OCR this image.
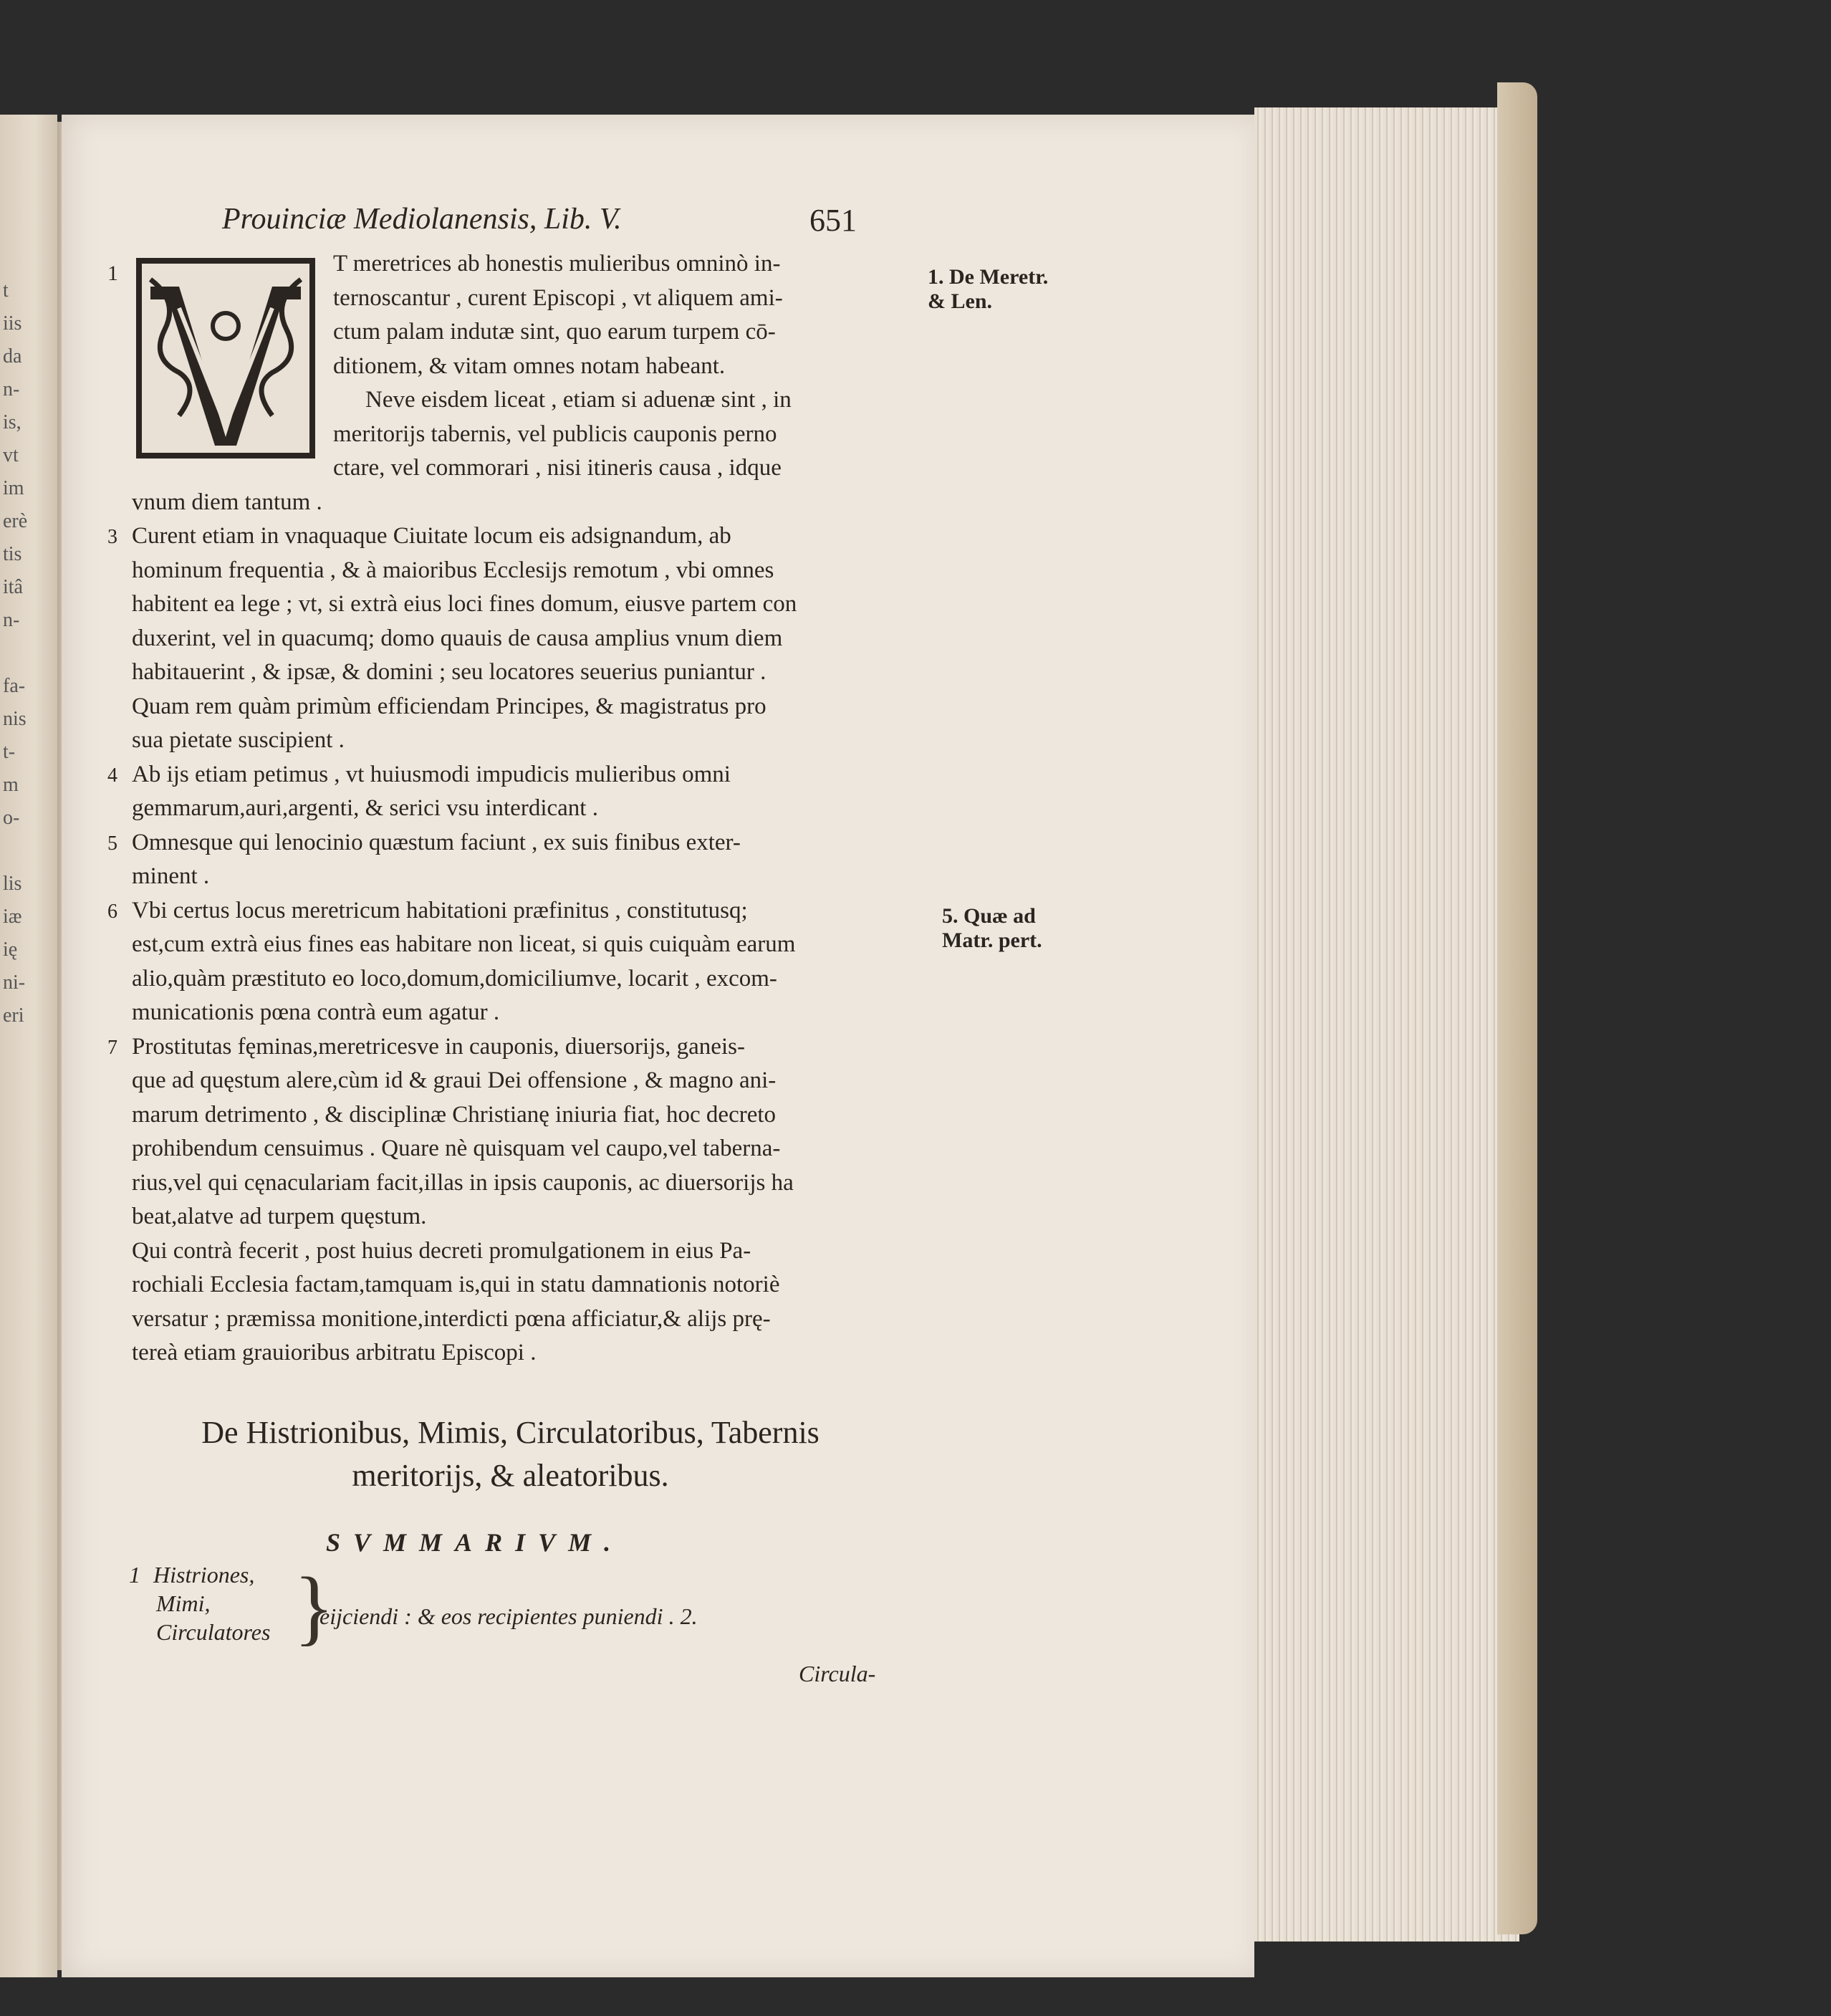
t
iis
da
n-
is,
vt
im
erè
tis
itâ
n-
fa-
nis
t-
m
o-
lis
iæ
ię
ni-
eri
Prouinciæ Mediolanensis, Lib. V.	651
1	T meretrices ab honestis mulieribus omninò in-
ternoscantur , curent Episcopi , vt aliquem ami-
ctum palam indutæ sint, quo earum turpem cō-
ditionem, & vitam omnes notam habeant.
Neve eisdem liceat , etiam si aduenæ sint , in
meritorijs tabernis, vel publicis cauponis perno
ctare, vel commorari , nisi itineris causa , idque
vnum diem tantum .
3 Curent etiam in vnaquaque Ciuitate locum eis adsignandum, ab
hominum frequentia , & à maioribus Ecclesijs remotum , vbi omnes
habitent ea lege ; vt, si extrà eius loci fines domum, eiusve partem con
duxerint, vel in quacumq; domo quauis de causa amplius vnum diem
habitauerint , & ipsæ, & domini ; seu locatores seuerius puniantur .
Quam rem quàm primùm efficiendam Principes, & magistratus pro
sua pietate suscipient .
4 Ab ijs etiam petimus , vt huiusmodi impudicis mulieribus omni
gemmarum,auri,argenti, & serici vsu interdicant .
5 Omnesque qui lenocinio quæstum faciunt , ex suis finibus exter-
minent .
6 Vbi certus locus meretricum habitationi præfinitus , constitutusq;
est,cum extrà eius fines eas habitare non liceat, si quis cuiquàm earum
alio,quàm præstituto eo loco,domum,domiciliumve, locarit , excom-
municationis pœna contrà eum agatur .
7 Prostitutas fęminas,meretricesve in cauponis, diuersorijs, ganeis-
que ad quęstum alere,cùm id & graui Dei offensione , & magno ani-
marum detrimento , & disciplinæ Christianę iniuria fiat, hoc decreto
prohibendum censuimus . Quare nè quisquam vel caupo,vel taberna-
rius,vel qui cęnaculariam facit,illas in ipsis cauponis, ac diuersorijs ha
beat,alatve ad turpem quęstum.
Qui contrà fecerit , post huius decreti promulgationem in eius Pa-
rochiali Ecclesia factam,tamquam is,qui in statu damnationis notoriè
versatur ; præmissa monitione,interdicti pœna afficiatur,& alijs prę-
tereà etiam grauioribus arbitratu Episcopi .
1. De Meretr. & Len.
5. Quæ ad Matr. pert.
De Histrionibus, Mimis, Circulatoribus, Tabernis
meritorijs, & aleatoribus.
SVMMARIVM.
1 Histriones,
Mimi,
Circulatores }
eijciendi : & eos recipientes puniendi . 2.
Circula-
